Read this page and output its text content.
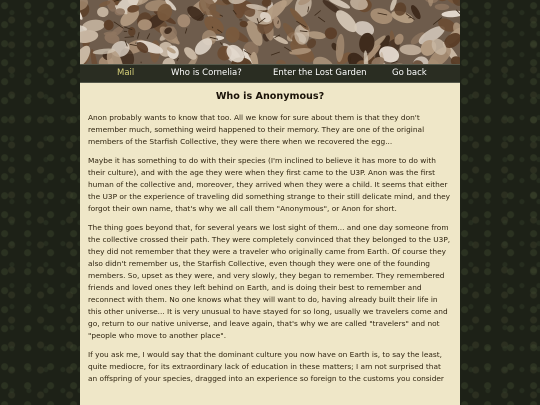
Mail	Who is Cornelia?	Enter the Lost Garden	Go back
Who is Anonymous?

Anon probably wants to know that too. All we know for sure about them is that they don't remember much, something weird happened to their memory. They are one of the original members of the Starfish Collective, they were there when we recovered the egg...

Maybe it has something to do with their species (I'm inclined to believe it has more to do with their culture), and with the age they were when they first came to the U3P. Anon was the first human of the collective and, moreover, they arrived when they were a child. It seems that either the U3P or the experience of traveling did something strange to their still delicate mind, and they forgot their own name, that's why we all call them "Anonymous", or Anon for short.

The thing goes beyond that, for several years we lost sight of them... and one day someone from the collective crossed their path. They were completely convinced that they belonged to the U3P, they did not remember that they were a traveler who originally came from Earth. Of course they also didn't remember us, the Starfish Collective, even though they were one of the founding members. So, upset as they were, and very slowly, they began to remember. They remembered friends and loved ones they left behind on Earth, and is doing their best to remember and reconnect with them. No one knows what they will want to do, having already built their life in this other universe... It is very unusual to have stayed for so long, usually we travelers come and go, return to our native universe, and leave again, that's why we are called "travelers" and not "people who move to another place".

If you ask me, I would say that the dominant culture you now have on Earth is, to say the least, quite mediocre, for its extraordinary lack of education in these matters; I am not surprised that an offspring of your species, dragged into an experience so foreign to the customs you consider
